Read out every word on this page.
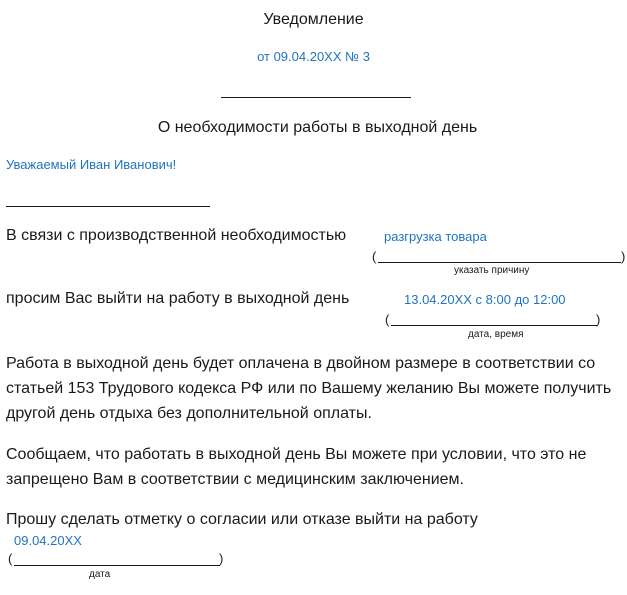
Уведомление
от 09.04.20ХХ № 3
О необходимости работы в выходной день
Уважаемый Иван Иванович!
В связи с производственной необходимостью	разгрузка товара
(	)
указать причину
просим Вас выйти на работу в выходной день	13.04.20ХХ с 8:00 до 12:00
(	)
дата, время
Работа в выходной день будет оплачена в двойном размере в соответствии со статьей 153 Трудового кодекса РФ или по Вашему желанию Вы можете получить другой день отдыха без дополнительной оплаты.
Сообщаем, что работать в выходной день Вы можете при условии, что это не запрещено Вам в соответствии с медицинским заключением.
Прошу сделать отметку о согласии или отказе выйти на работу
09.04.20ХХ
(	)
дата
